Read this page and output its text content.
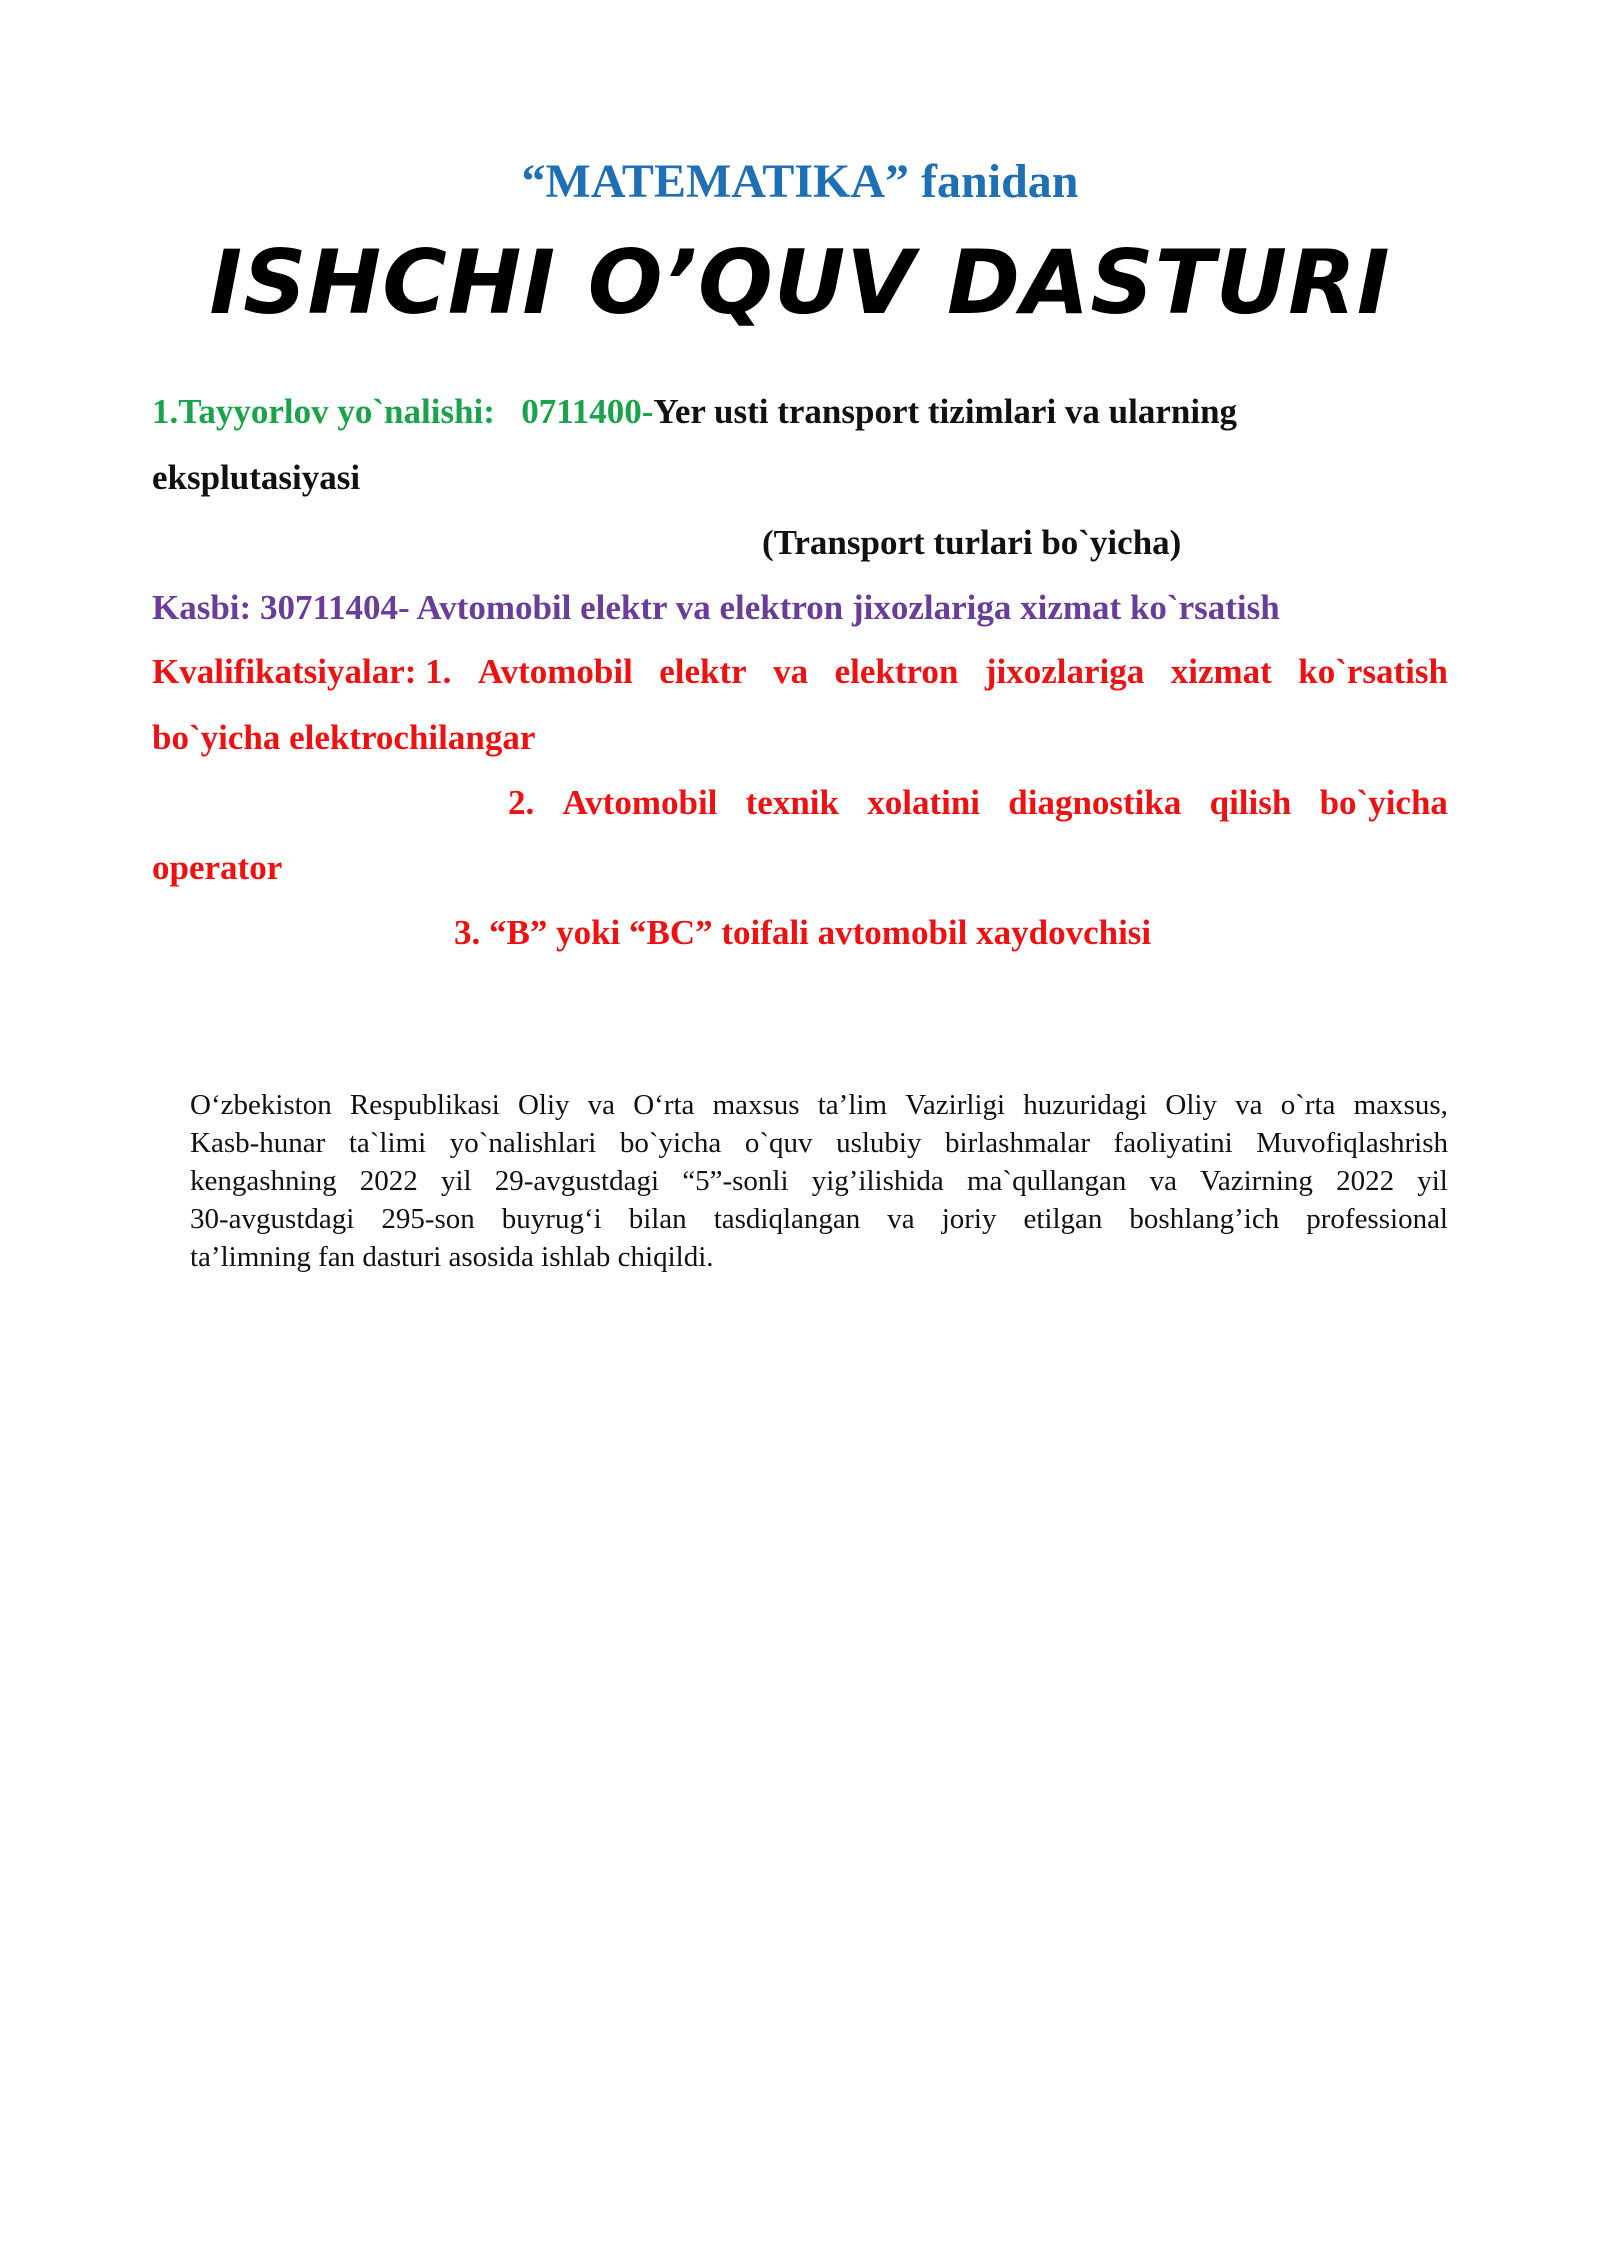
“MATEMATIKA” fanidan
ISHCHI O’QUV DASTURI
1.Tayyorlov yo`nalishi: 0711400-Yer usti transport tizimlari va ularning
eksplutasiyasi
(Transport turlari bo`yicha)
Kasbi: 30711404- Avtomobil elektr va elektron jixozlariga xizmat ko`rsatish
Kvalifikatsiyalar: 1. Avtomobil elektr va elektron jixozlariga xizmat ko`rsatish
bo`yicha elektrochilangar
2. Avtomobil texnik xolatini diagnostika qilish bo`yicha
operator
3. “B” yoki “BC” toifali avtomobil xaydovchisi
O‘zbekiston Respublikasi Oliy va O‘rta maxsus ta’lim Vazirligi huzuridagi Oliy va o`rta maxsus,
Kasb-hunar ta`limi yo`nalishlari bo`yicha o`quv uslubiy birlashmalar faoliyatini Muvofiqlashrish
kengashning 2022 yil 29-avgustdagi “5”-sonli yig’ilishida ma`qullangan va Vazirning 2022 yil
30-avgustdagi 295-son buyrug‘i bilan tasdiqlangan va joriy etilgan boshlang’ich professional
ta’limning fan dasturi asosida ishlab chiqildi.
